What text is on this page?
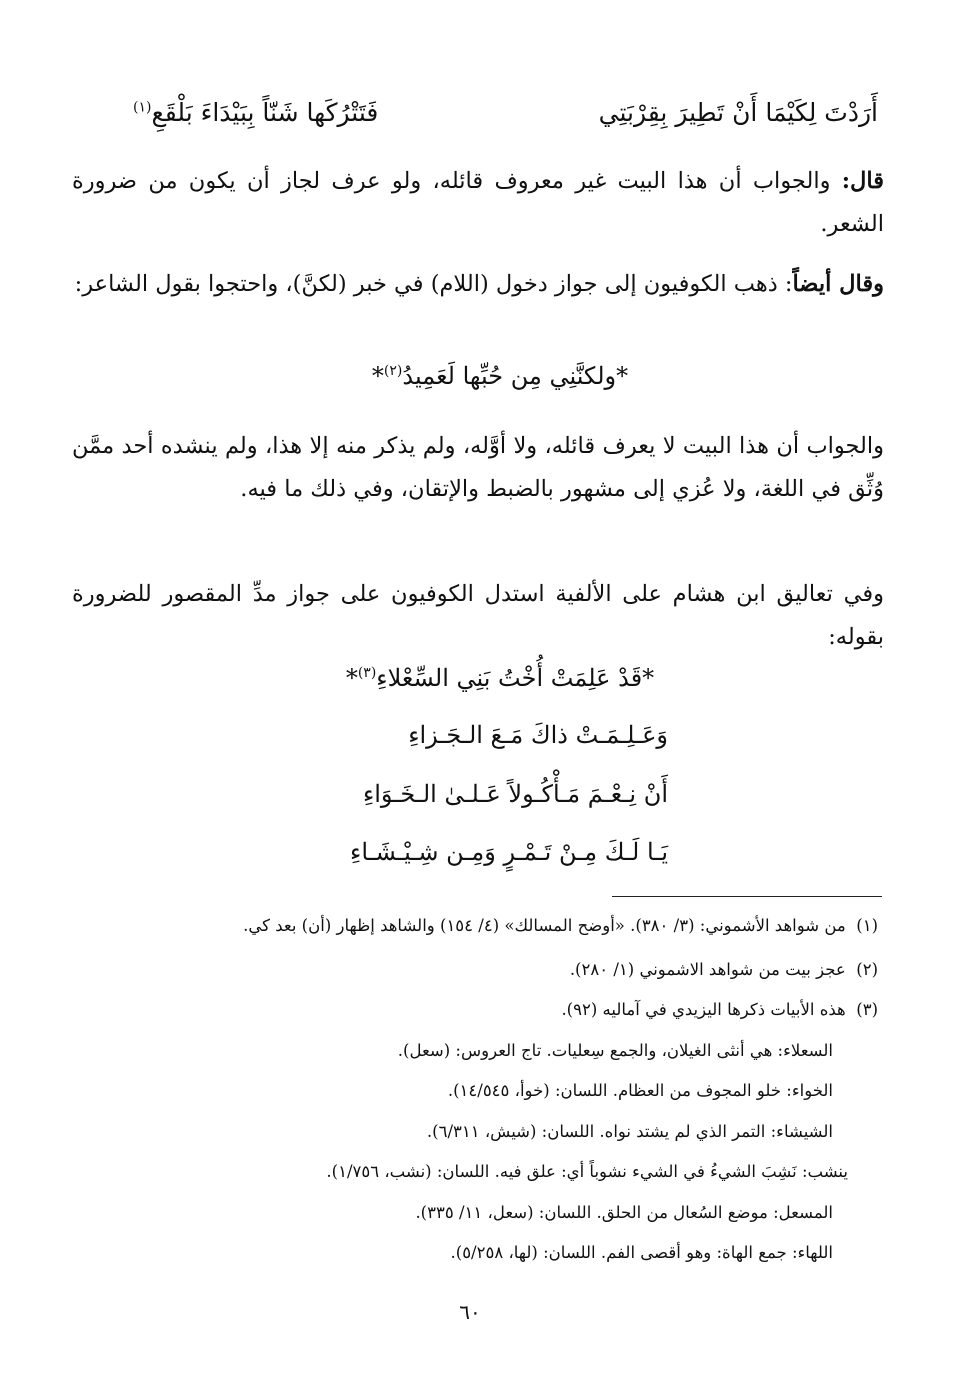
أَرَدْتَ لِكَيْمَا أَنْ تَطِيرَ بِقِرْبَتِي
فَتَتْرُكَها شَنّاً بِبَيْدَاءَ بَلْقَعِ$^{(١)}$
قال: والجواب أن هذا البيت غير معروف قائله، ولو عرف لجاز أن يكون من ضرورة الشعر.
وقال أيضاً: ذهب الكوفيون إلى جواز دخول (اللام) في خبر (لكنَّ)، واحتجوا بقول الشاعر:
*ولكنَّنِي مِن حُبِّها لَعَمِيدُ$^{(٢)}$*
والجواب أن هذا البيت لا يعرف قائله، ولا أوَّله، ولم يذكر منه إلا هذا، ولم ينشده أحد ممَّن وُثِّق في اللغة، ولا عُزي إلى مشهور بالضبط والإتقان، وفي ذلك ما فيه.
وفي تعاليق ابن هشام على الألفية استدل الكوفيون على جواز مدِّ المقصور للضرورة بقوله:
*قَدْ عَلِمَتْ أُخْتُ بَنِي السِّعْلاءِ$^{(٣)}$*
وَعَـلِـمَـتْ ذاكَ مَـعَ الـجَـزاءِ
أَنْ نِـعْـمَ مَـأْكُـولاً عَـلـىٰ الـخَـوَاءِ
يَـا لَـكَ مِـنْ تَـمْـرٍ وَمِـن شِـيْـشَـاءِ
(١)  من شواهد الأشموني: (٣/ ٣٨٠). «أوضح المسالك» (٤/ ١٥٤) والشاهد إظهار (أن) بعد كي.
(٢)  عجز بيت من شواهد الاشموني (١/ ٢٨٠).
(٣)  هذه الأبيات ذكرها اليزيدي في آماليه (٩٢).
السعلاء: هي أنثى الغيلان، والجمع سِعليات. تاج العروس: (سعل).
الخواء: خلو المجوف من العظام. اللسان: (خوأ، ١٤/٥٤٥).
الشيشاء: التمر الذي لم يشتد نواه. اللسان: (شيش، ٦/٣١١).
ينشب: نَشِبَ الشيءُ في الشيء نشوباً أي: علق فيه. اللسان: (نشب، ١/٧٥٦).
المسعل: موضع السُعال من الحلق. اللسان: (سعل، ١١/ ٣٣٥).
اللهاء: جمع الهاة: وهو أقصى الفم. اللسان: (لها، ٥/٢٥٨).
٦٠
